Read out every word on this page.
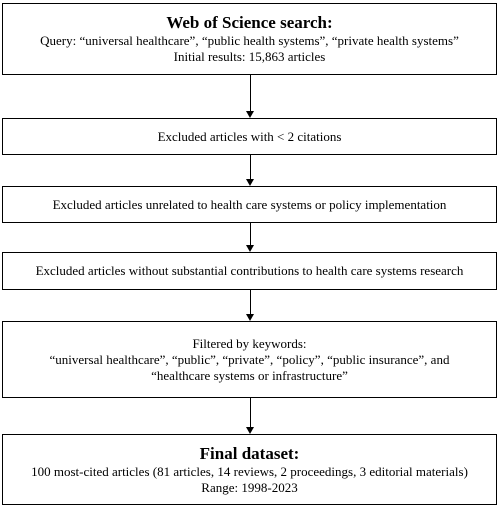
Web of Science search:
Query: “universal healthcare”, “public health systems”, “private health systems”
Initial results: 15,863 articles
Excluded articles with < 2 citations
Excluded articles unrelated to health care systems or policy implementation
Excluded articles without substantial contributions to health care systems research
Filtered by keywords:
“universal healthcare”, “public”, “private”, “policy”, “public insurance”, and
“healthcare systems or infrastructure”
Final dataset:
100 most-cited articles (81 articles, 14 reviews, 2 proceedings, 3 editorial materials)
Range: 1998-2023
